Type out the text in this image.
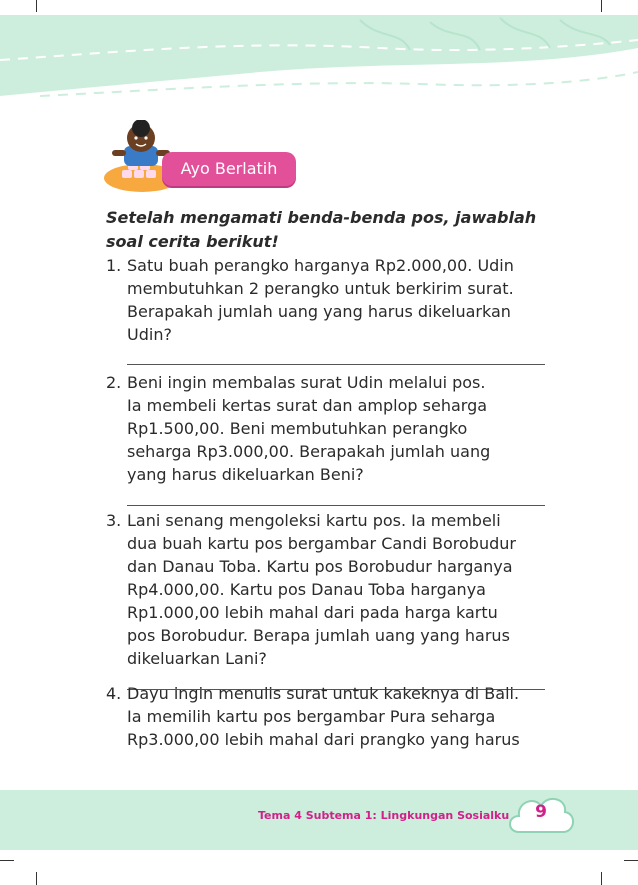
Ayo Berlatih
Setelah mengamati benda-benda pos, jawablah soal cerita berikut!
1. Satu buah perangko harganya Rp2.000,00. Udin
membutuhkan 2 perangko untuk berkirim surat.
Berapakah jumlah uang yang harus dikeluarkan
Udin?
2. Beni ingin membalas surat Udin melalui pos.
Ia membeli kertas surat dan amplop seharga
Rp1.500,00. Beni membutuhkan perangko
seharga Rp3.000,00. Berapakah jumlah uang
yang harus dikeluarkan Beni?
3. Lani senang mengoleksi kartu pos. Ia membeli
dua buah kartu pos bergambar Candi Borobudur
dan Danau Toba. Kartu pos Borobudur harganya
Rp4.000,00. Kartu pos Danau Toba harganya
Rp1.000,00 lebih mahal dari pada harga kartu
pos Borobudur. Berapa jumlah uang yang harus
dikeluarkan Lani?
4. Dayu ingin menulis surat untuk kakeknya di Bali.
Ia memilih kartu pos bergambar Pura seharga
Rp3.000,00 lebih mahal dari prangko yang harus
Tema 4 Subtema 1: Lingkungan Sosialku	9
